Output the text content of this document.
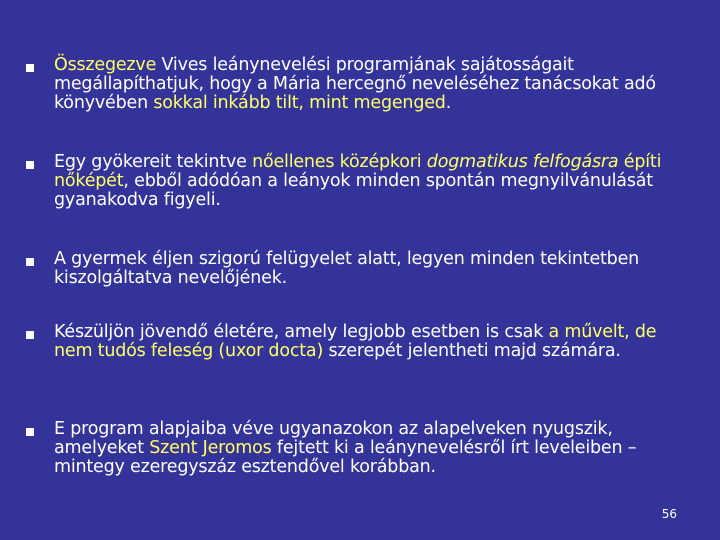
Összegezve Vives leánynevelési programjának sajátosságait megállapíthatjuk, hogy a Mária hercegnő neveléséhez tanácsokat adó könyvében sokkal inkább tilt, mint megenged.
Egy gyökereit tekintve nőellenes középkori dogmatikus felfogásra építi nőképét, ebből adódóan a leányok minden spontán megnyilvánulását gyanakodva figyeli.
A gyermek éljen szigorú felügyelet alatt, legyen minden tekintetben kiszolgáltatva nevelőjének.
Készüljön jövendő életére, amely legjobb esetben is csak a művelt, de nem tudós feleség (uxor docta) szerepét jelentheti majd számára.
E program alapjaiba véve ugyanazokon az alapelveken nyugszik, amelyeket Szent Jeromos fejtett ki a leánynevelésről írt leveleiben – mintegy ezeregyszáz esztendővel korábban.
56
